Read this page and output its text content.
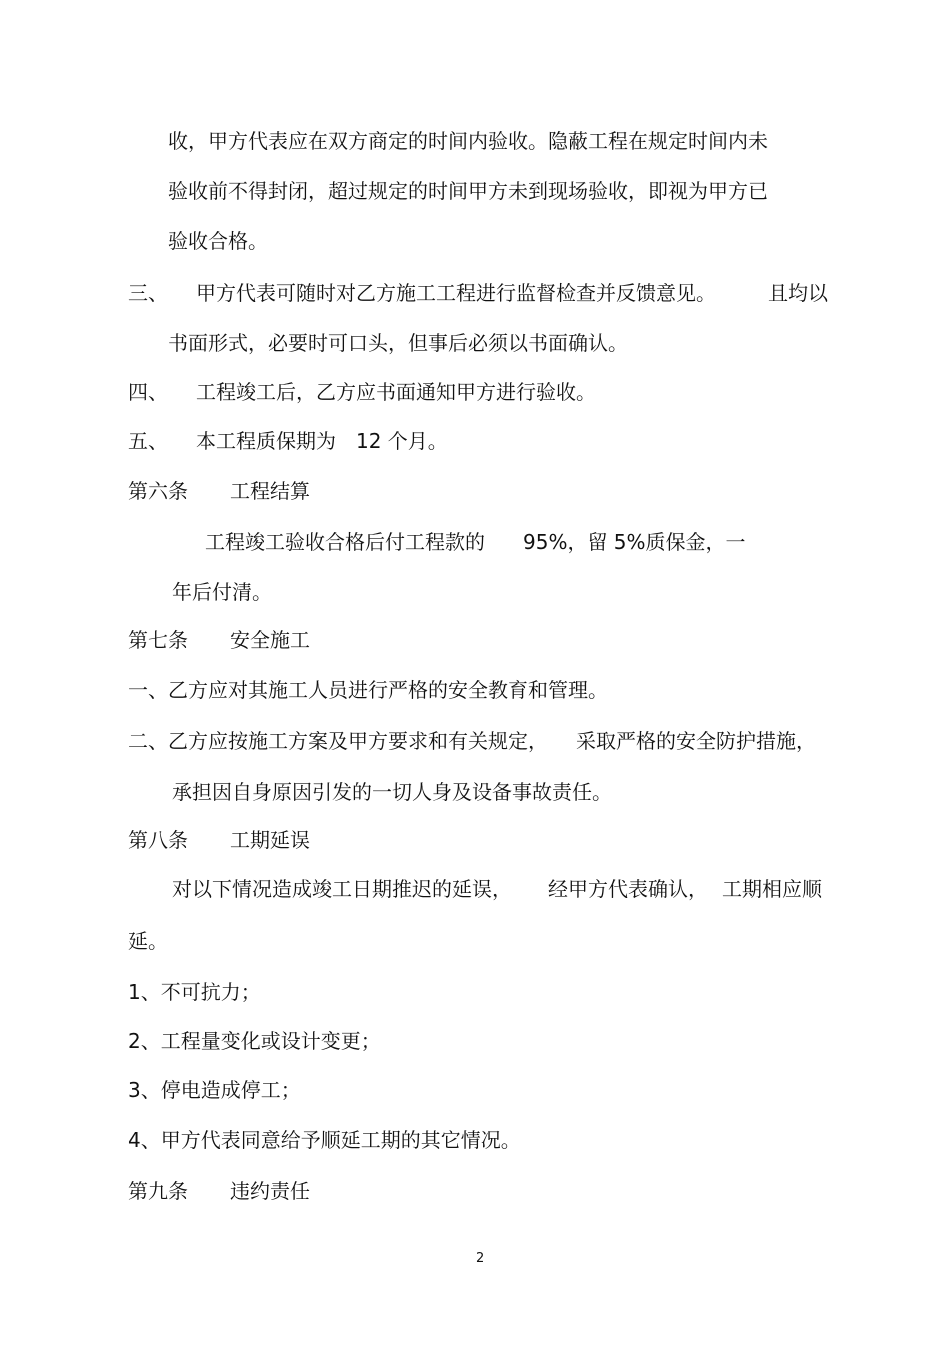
收，甲方代表应在双方商定的时间内验收。隐蔽工程在规定时间内未
验收前不得封闭，超过规定的时间甲方未到现场验收，即视为甲方已
验收合格。
三、 甲方代表可随时对乙方施工工程进行监督检查并反馈意见。	且均以
书面形式，必要时可口头，但事后必须以书面确认。
四、 工程竣工后，乙方应书面通知甲方进行验收。
五、 本工程质保期为 12 个月。
第六条 工程结算
工程竣工验收合格后付工程款的 95%，留 5%质保金，一
年后付清。
第七条 安全施工
一、乙方应对其施工人员进行严格的安全教育和管理。
二、乙方应按施工方案及甲方要求和有关规定， 采取严格的安全防护措施，
承担因自身原因引发的一切人身及设备事故责任。
第八条 工期延误
对以下情况造成竣工日期推迟的延误， 经甲方代表确认， 工期相应顺
延。
1、不可抗力；
2、工程量变化或设计变更；
3、停电造成停工；
4、甲方代表同意给予顺延工期的其它情况。
第九条 违约责任
2
